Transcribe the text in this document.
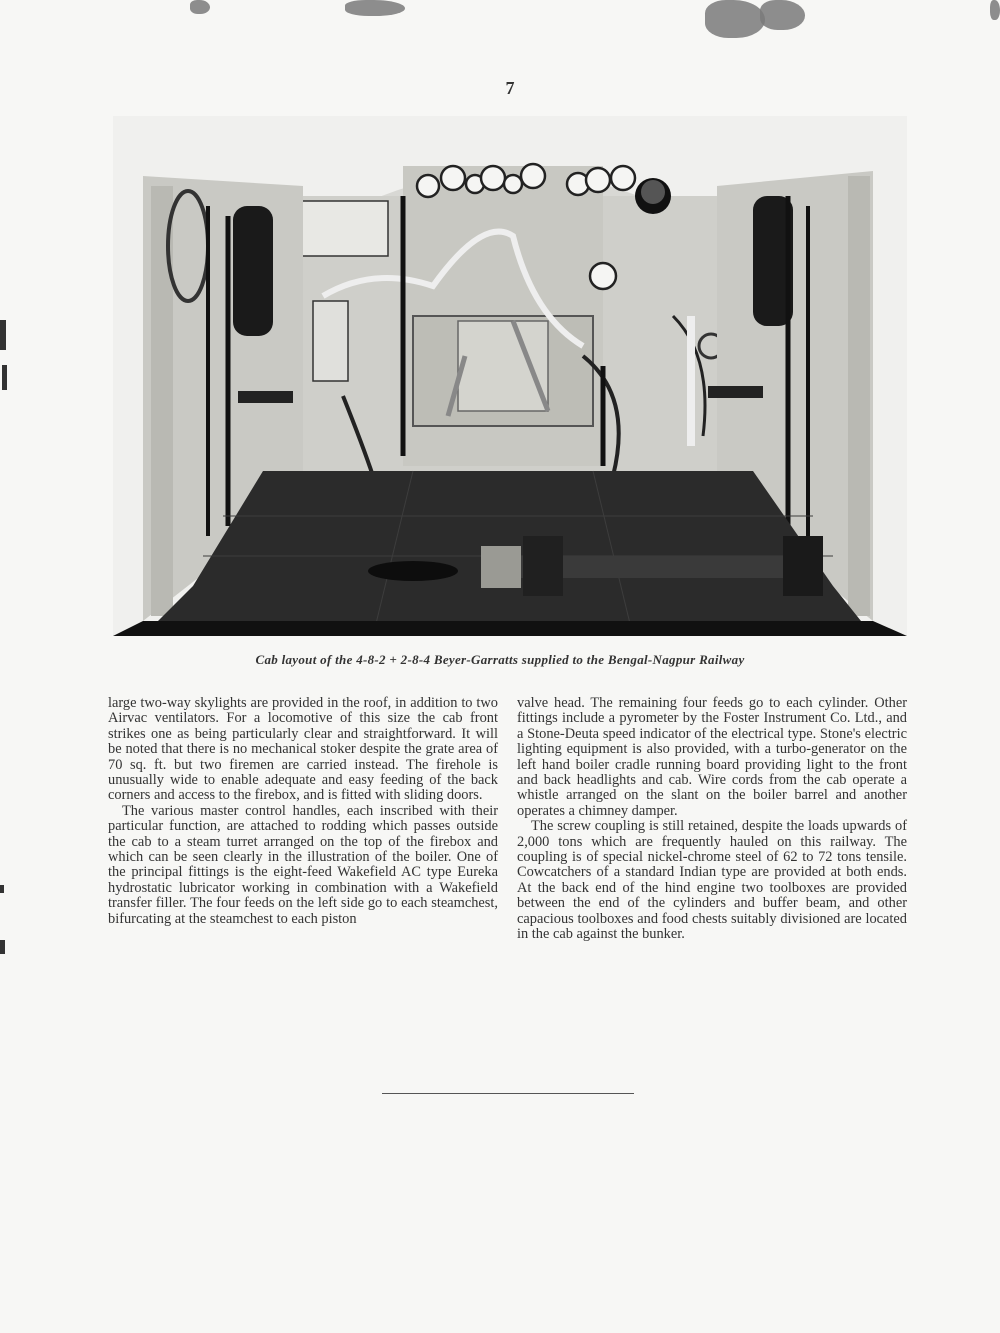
7
Cab layout of the 4-8-2 + 2-8-4 Beyer-Garratts supplied to the Bengal-Nagpur Railway

large two-way skylights are provided in the roof, in addition to two Airvac ventilators. For a locomotive of this size the cab front strikes one as being particularly clear and straightforward. It will be noted that there is no mechanical stoker despite the grate area of 70 sq. ft. but two firemen are carried instead. The firehole is unusually wide to enable adequate and easy feeding of the back corners and access to the firebox, and is fitted with sliding doors.

The various master control handles, each inscribed with their particular function, are attached to rodding which passes outside the cab to a steam turret arranged on the top of the firebox and which can be seen clearly in the illustration of the boiler. One of the principal fittings is the eight-feed Wakefield AC type Eureka hydrostatic lubricator working in combination with a Wakefield transfer filler. The four feeds on the left side go to each steamchest, bifurcating at the steamchest to each piston

valve head. The remaining four feeds go to each cylinder. Other fittings include a pyrometer by the Foster Instrument Co. Ltd., and a Stone-Deuta speed indicator of the electrical type. Stone's electric lighting equipment is also provided, with a turbo-generator on the left hand boiler cradle running board providing light to the front and back headlights and cab. Wire cords from the cab operate a whistle arranged on the slant on the boiler barrel and another operates a chimney damper.

The screw coupling is still retained, despite the loads upwards of 2,000 tons which are frequently hauled on this railway. The coupling is of special nickel-chrome steel of 62 to 72 tons tensile. Cowcatchers of a standard Indian type are provided at both ends. At the back end of the hind engine two toolboxes are provided between the end of the cylinders and buffer beam, and other capacious toolboxes and food chests suitably divisioned are located in the cab against the bunker.
